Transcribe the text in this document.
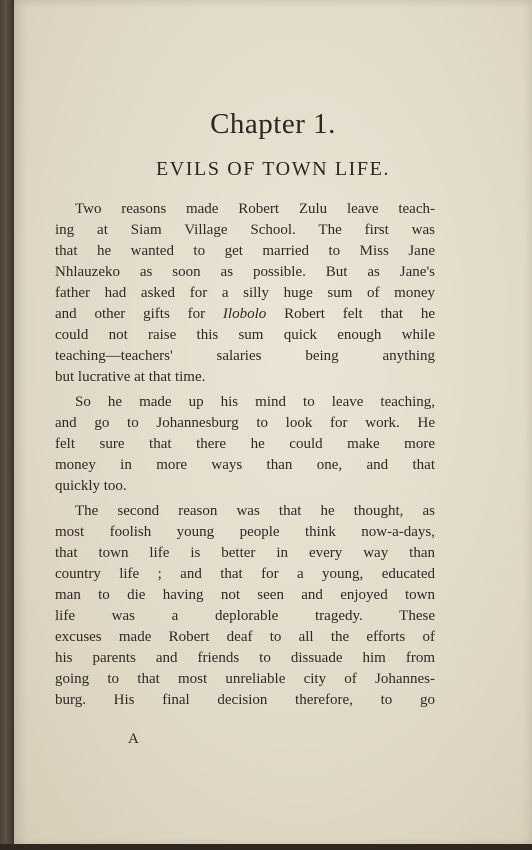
Chapter 1.
EVILS OF TOWN LIFE.
Two reasons made Robert Zulu leave teach-
ing at Siam Village School. The first was
that he wanted to get married to Miss Jane
Nhlauzeko as soon as possible. But as Jane's
father had asked for a silly huge sum of money
and other gifts for Ilobolo Robert felt that he
could not raise this sum quick enough while
teaching—teachers' salaries being anything
but lucrative at that time.
So he made up his mind to leave teaching,
and go to Johannesburg to look for work. He
felt sure that there he could make more
money in more ways than one, and that
quickly too.
The second reason was that he thought, as
most foolish young people think now-a-days,
that town life is better in every way than
country life ; and that for a young, educated
man to die having not seen and enjoyed town
life was a deplorable tragedy. These
excuses made Robert deaf to all the efforts of
his parents and friends to dissuade him from
going to that most unreliable city of Johannes-
burg. His final decision therefore, to go

A
